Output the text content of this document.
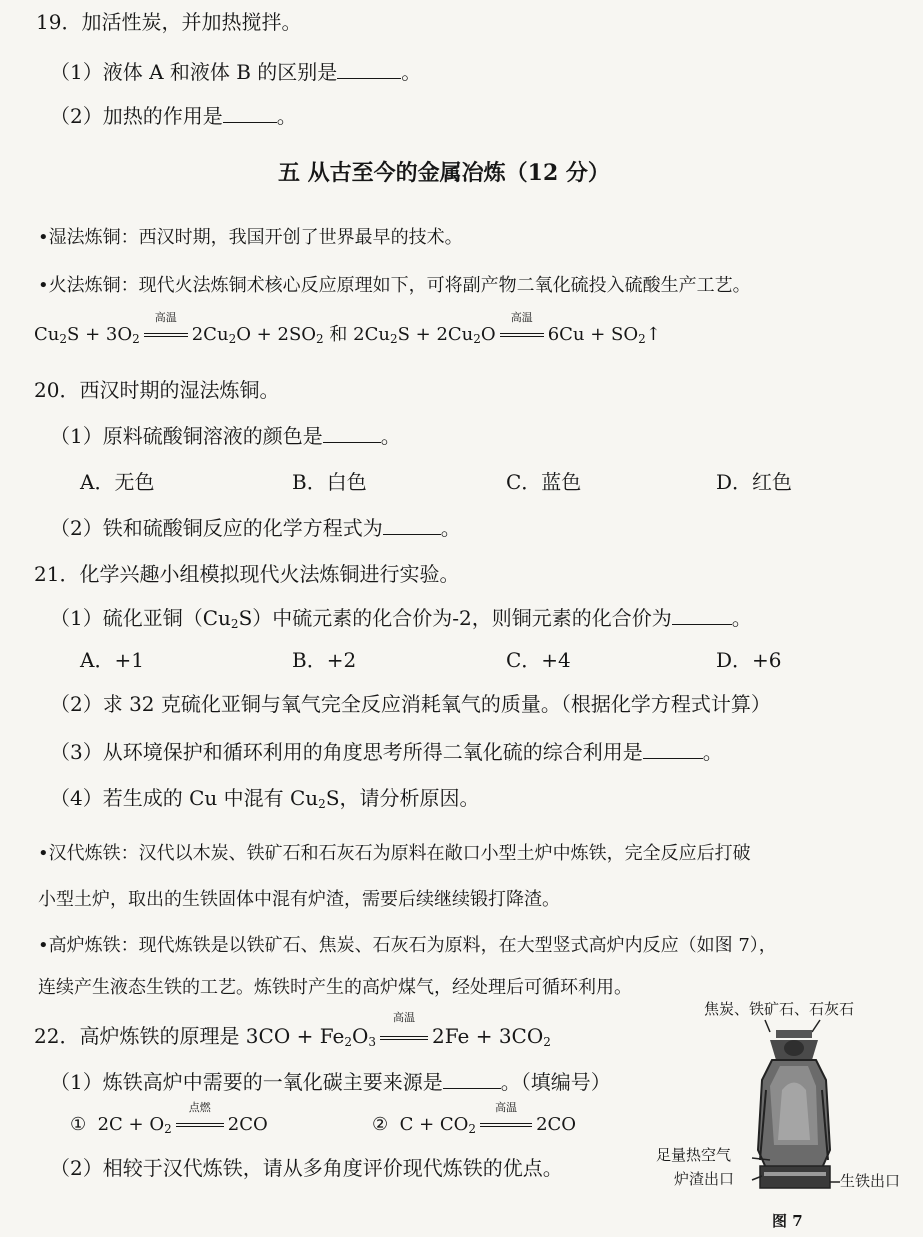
19．加活性炭，并加热搅拌。
（1）液体 A 和液体 B 的区别是	。
（2）加热的作用是	。
五 从古至今的金属冶炼（12 分）
•湿法炼铜：西汉时期，我国开创了世界最早的技术。
•火法炼铜：现代火法炼铜术核心反应原理如下，可将副产物二氧化硫投入硫酸生产工艺。
$Cu_2S + 3O_2$
高温
$2Cu_2O + 2SO_2$ 和 $2Cu_2S + 2Cu_2O$
高温
$6Cu + SO_2↑$
20．西汉时期的湿法炼铜。
（1）原料硫酸铜溶液的颜色是	。
A．无色	B．白色	C．蓝色	D．红色
（2）铁和硫酸铜反应的化学方程式为	。
21．化学兴趣小组模拟现代火法炼铜进行实验。
（1）硫化亚铜$(Cu_2S)$中硫元素的化合价为-2，则铜元素的化合价为	。
A．+1	B．+2	C．+4	D．+6
（2）求 32 克硫化亚铜与氧气完全反应消耗氧气的质量。（根据化学方程式计算）
（3）从环境保护和循环利用的角度思考所得二氧化硫的综合利用是	。
（4）若生成的 Cu 中混有 $Cu_2S$，请分析原因。
•汉代炼铁：汉代以木炭、铁矿石和石灰石为原料在敞口小型土炉中炼铁，完全反应后打破
小型土炉，取出的生铁固体中混有炉渣，需要后续继续锻打降渣。
•高炉炼铁：现代炼铁是以铁矿石、焦炭、石灰石为原料，在大型竖式高炉内反应（如图 7），
连续产生液态生铁的工艺。炼铁时产生的高炉煤气，经处理后可循环利用。
22．高炉炼铁的原理是 $3CO + Fe_2O_3$
高温
$2Fe + 3CO_2$
（1）炼铁高炉中需要的一氧化碳主要来源是	。（填编号）
① $2C + O_2$
点燃
2CO	② $C + CO_2$
高温
2CO
（2）相较于汉代炼铁，请从多角度评价现代炼铁的优点。
焦炭、铁矿石、石灰石
足量热空气
炉渣出口	生铁出口
图 7
